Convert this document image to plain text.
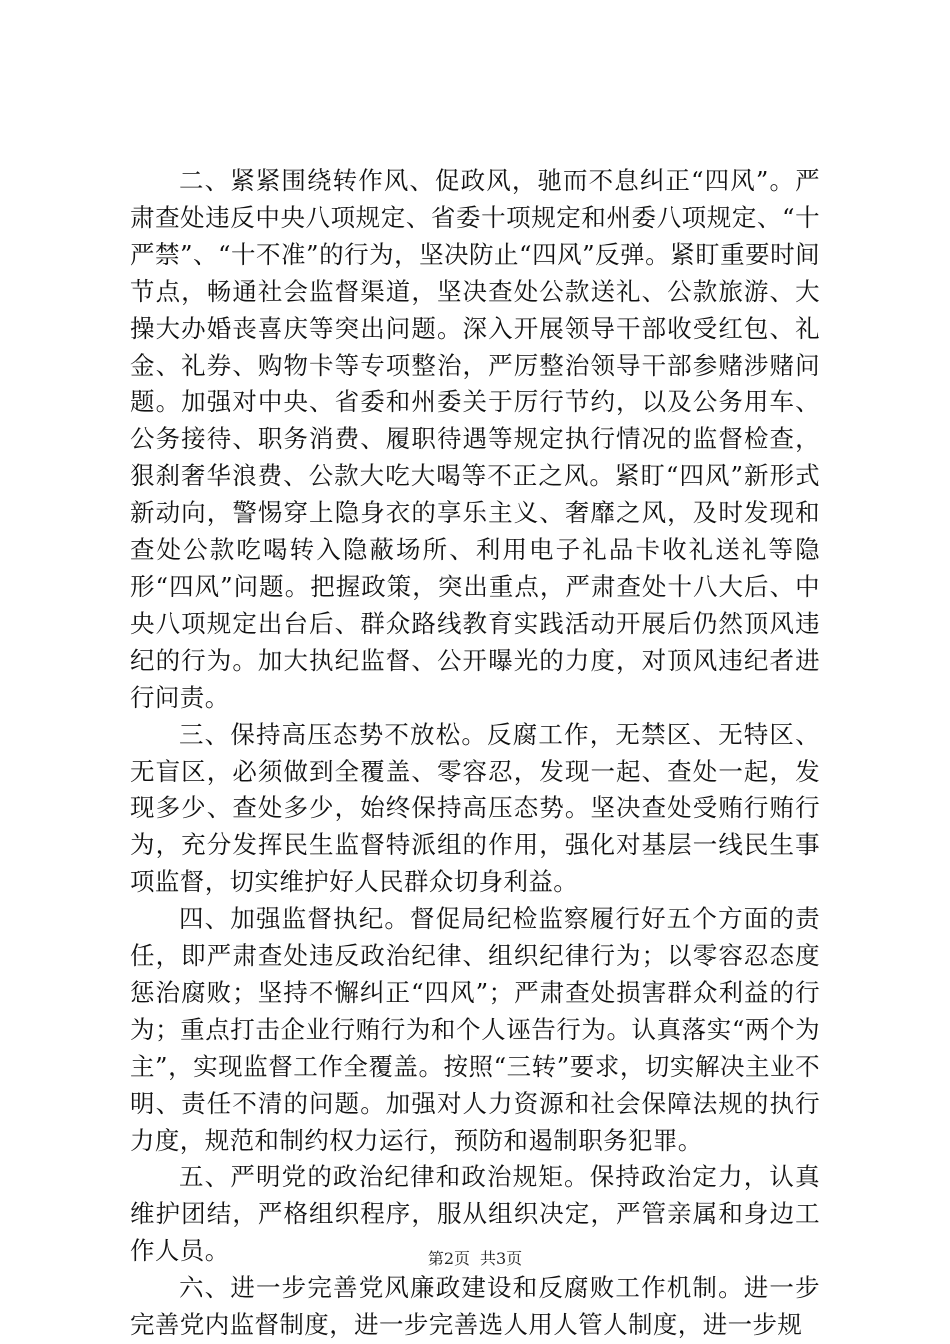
二、紧紧围绕转作风、促政风，驰而不息纠正“四风”。严肃查处违反中央八项规定、省委十项规定和州委八项规定、“十严禁”、“十不准”的行为，坚决防止“四风”反弹。紧盯重要时间节点，畅通社会监督渠道，坚决查处公款送礼、公款旅游、大操大办婚丧喜庆等突出问题。深入开展领导干部收受红包、礼金、礼券、购物卡等专项整治，严厉整治领导干部参赌涉赌问题。加强对中央、省委和州委关于厉行节约，以及公务用车、公务接待、职务消费、履职待遇等规定执行情况的监督检查，狠刹奢华浪费、公款大吃大喝等不正之风。紧盯“四风”新形式新动向，警惕穿上隐身衣的享乐主义、奢靡之风，及时发现和查处公款吃喝转入隐蔽场所、利用电子礼品卡收礼送礼等隐形“四风”问题。把握政策，突出重点，严肃查处十八大后、中央八项规定出台后、群众路线教育实践活动开展后仍然顶风违纪的行为。加大执纪监督、公开曝光的力度，对顶风违纪者进行问责。

三、保持高压态势不放松。反腐工作，无禁区、无特区、无盲区，必须做到全覆盖、零容忍，发现一起、查处一起，发现多少、查处多少，始终保持高压态势。坚决查处受贿行贿行为，充分发挥民生监督特派组的作用，强化对基层一线民生事项监督，切实维护好人民群众切身利益。

四、加强监督执纪。督促局纪检监察履行好五个方面的责任，即严肃查处违反政治纪律、组织纪律行为；以零容忍态度惩治腐败；坚持不懈纠正“四风”；严肃查处损害群众利益的行为；重点打击企业行贿行为和个人诬告行为。认真落实“两个为主”，实现监督工作全覆盖。按照“三转”要求，切实解决主业不明、责任不清的问题。加强对人力资源和社会保障法规的执行力度，规范和制约权力运行，预防和遏制职务犯罪。

五、严明党的政治纪律和政治规矩。保持政治定力，认真维护团结，严格组织程序，服从组织决定，严管亲属和身边工作人员。

六、进一步完善党风廉政建设和反腐败工作机制。进一步完善党内监督制度，进一步完善选人用人管人制度，进一步规

第2页 共3页
